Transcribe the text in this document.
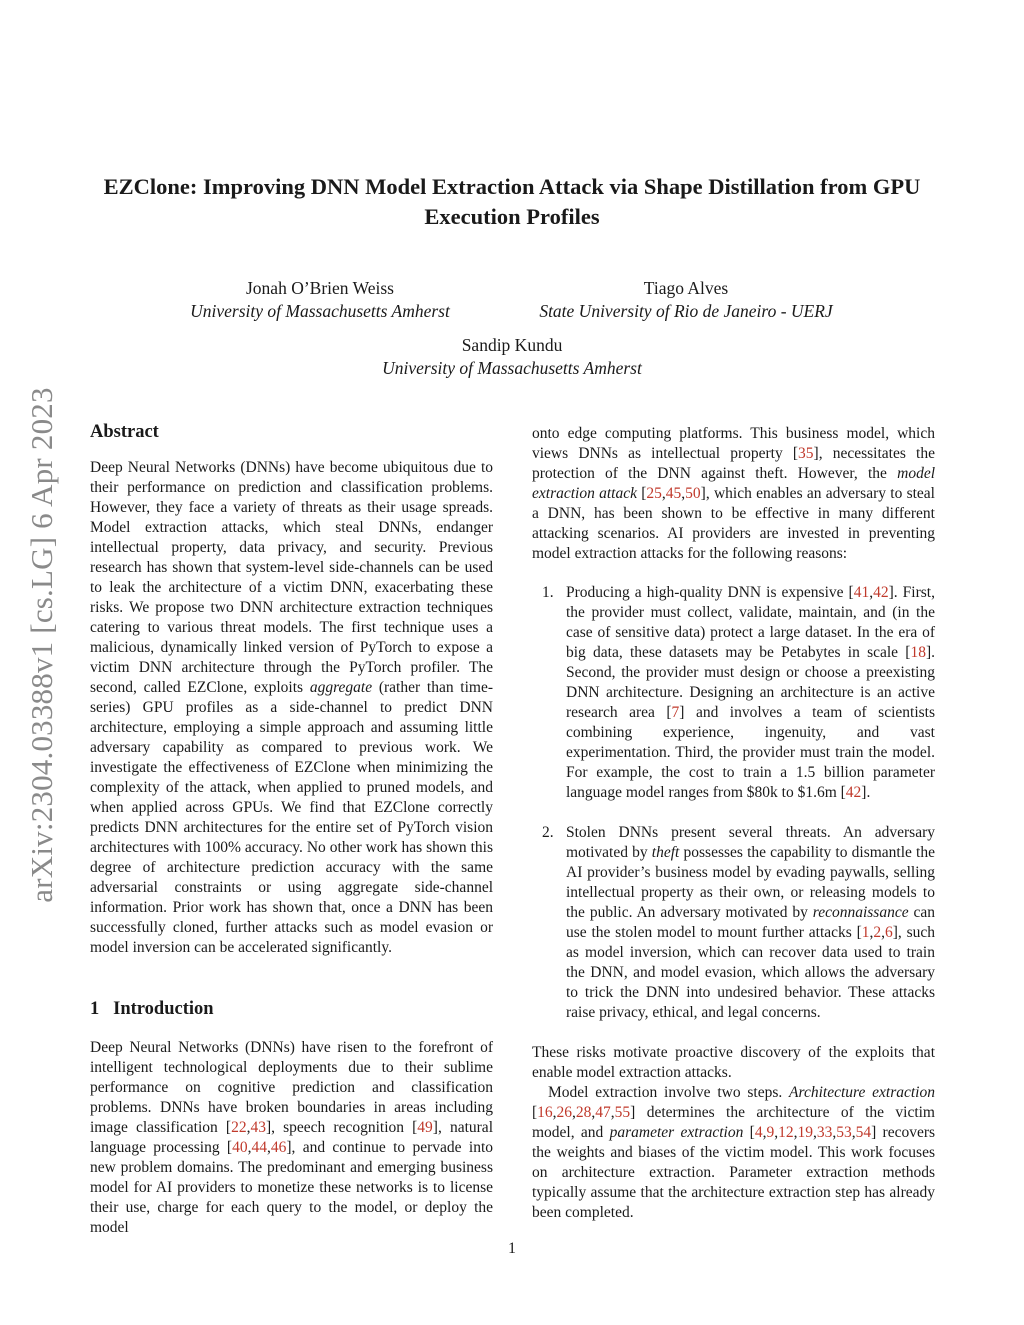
arXiv:2304.03388v1 [cs.LG] 6 Apr 2023
EZClone: Improving DNN Model Extraction Attack via Shape Distillation from GPU Execution Profiles
Jonah O’Brien Weiss
University of Massachusetts Amherst
Tiago Alves
State University of Rio de Janeiro - UERJ
Sandip Kundu
University of Massachusetts Amherst
Abstract

Deep Neural Networks (DNNs) have become ubiquitous due to their performance on prediction and classification problems. However, they face a variety of threats as their usage spreads. Model extraction attacks, which steal DNNs, endanger intellectual property, data privacy, and security. Previous research has shown that system-level side-channels can be used to leak the architecture of a victim DNN, exacerbating these risks. We propose two DNN architecture extraction techniques catering to various threat models. The first technique uses a malicious, dynamically linked version of PyTorch to expose a victim DNN architecture through the PyTorch profiler. The second, called EZClone, exploits aggregate (rather than time-series) GPU profiles as a side-channel to predict DNN architecture, employing a simple approach and assuming little adversary capability as compared to previous work. We investigate the effectiveness of EZClone when minimizing the complexity of the attack, when applied to pruned models, and when applied across GPUs. We find that EZClone correctly predicts DNN architectures for the entire set of PyTorch vision architectures with 100% accuracy. No other work has shown this degree of architecture prediction accuracy with the same adversarial constraints or using aggregate side-channel information. Prior work has shown that, once a DNN has been successfully cloned, further attacks such as model evasion or model inversion can be accelerated significantly.

1 Introduction

Deep Neural Networks (DNNs) have risen to the forefront of intelligent technological deployments due to their sublime performance on cognitive prediction and classification problems. DNNs have broken boundaries in areas including image classification [22,43], speech recognition [49], natural language processing [40,44,46], and continue to pervade into new problem domains. The predominant and emerging business model for AI providers to monetize these networks is to license their use, charge for each query to the model, or deploy the model

onto edge computing platforms. This business model, which views DNNs as intellectual property [35], necessitates the protection of the DNN against theft. However, the model extraction attack [25,45,50], which enables an adversary to steal a DNN, has been shown to be effective in many different attacking scenarios. AI providers are invested in preventing model extraction attacks for the following reasons:

1. Producing a high-quality DNN is expensive [41,42]. First, the provider must collect, validate, maintain, and (in the case of sensitive data) protect a large dataset. In the era of big data, these datasets may be Petabytes in scale [18]. Second, the provider must design or choose a preexisting DNN architecture. Designing an architecture is an active research area [7] and involves a team of scientists combining experience, ingenuity, and vast experimentation. Third, the provider must train the model. For example, the cost to train a 1.5 billion parameter language model ranges from $80k to $1.6m [42].
2. Stolen DNNs present several threats. An adversary motivated by theft possesses the capability to dismantle the AI provider’s business model by evading paywalls, selling intellectual property as their own, or releasing models to the public. An adversary motivated by reconnaissance can use the stolen model to mount further attacks [1,2,6], such as model inversion, which can recover data used to train the DNN, and model evasion, which allows the adversary to trick the DNN into undesired behavior. These attacks raise privacy, ethical, and legal concerns.

These risks motivate proactive discovery of the exploits that enable model extraction attacks.

Model extraction involve two steps. Architecture extraction [16,26,28,47,55] determines the architecture of the victim model, and parameter extraction [4,9,12,19,33,53,54] recovers the weights and biases of the victim model. This work focuses on architecture extraction. Parameter extraction methods typically assume that the architecture extraction step has already been completed.

1
